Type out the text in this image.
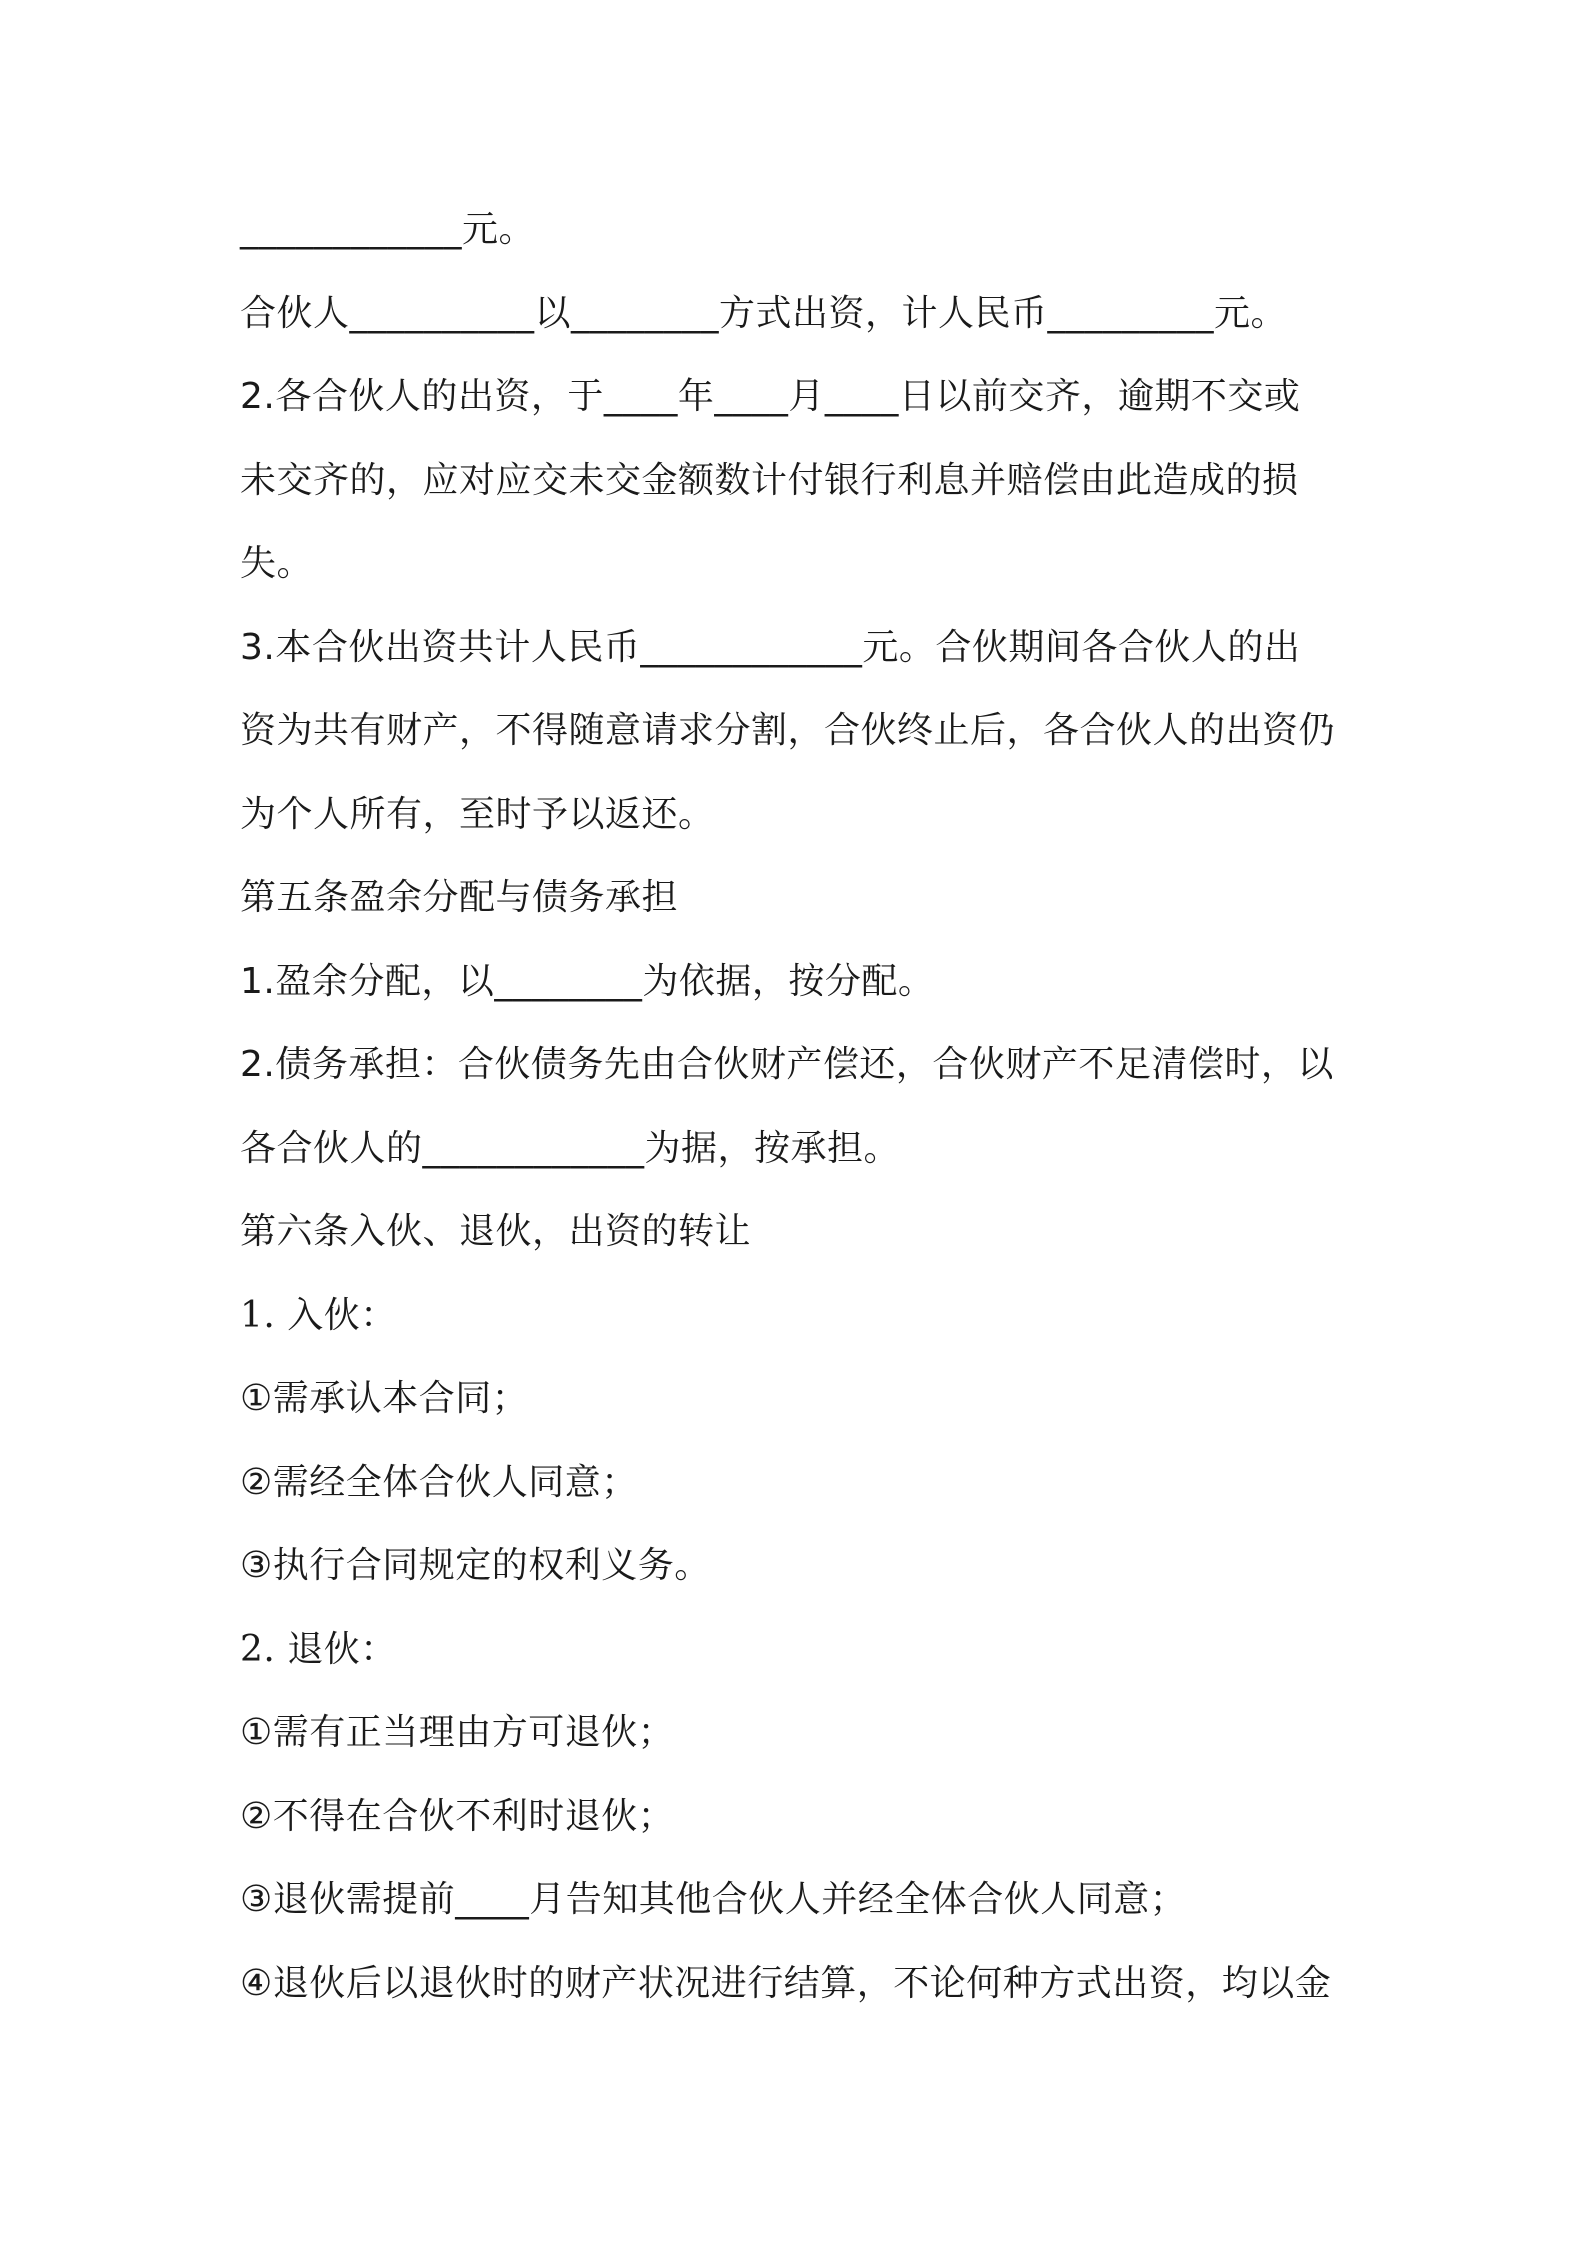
____________元。
合伙人__________以________方式出资，计人民币_________元。
2.各合伙人的出资，于____年____月____日以前交齐，逾期不交或
未交齐的，应对应交未交金额数计付银行利息并赔偿由此造成的损
失。
3.本合伙出资共计人民币____________元。合伙期间各合伙人的出
资为共有财产，不得随意请求分割，合伙终止后，各合伙人的出资仍
为个人所有，至时予以返还。
第五条盈余分配与债务承担
1.盈余分配，以________为依据，按分配。
2.债务承担：合伙债务先由合伙财产偿还，合伙财产不足清偿时，以
各合伙人的____________为据，按承担。
第六条入伙、退伙，出资的转让
1. 入伙：
①需承认本合同；
②需经全体合伙人同意；
③执行合同规定的权利义务。
2. 退伙：
①需有正当理由方可退伙；
②不得在合伙不利时退伙；
③退伙需提前____月告知其他合伙人并经全体合伙人同意；
④退伙后以退伙时的财产状况进行结算，不论何种方式出资，均以金
